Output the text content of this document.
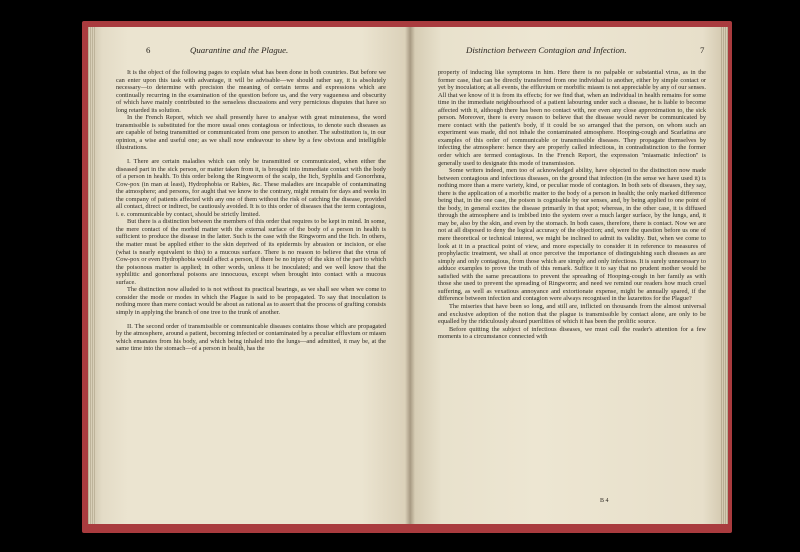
6	Quarantine and the Plague.

It is the object of the following pages to explain what has been done in both countries. But before we can enter upon this task with advantage, it will be advisable—we should rather say, it is absolutely necessary—to determine with precision the meaning of certain terms and expressions which are continually recurring in the examination of the question before us, and the very vagueness and obscurity of which have mainly contributed to the senseless discussions and very pernicious disputes that have so long retarded its solution.

In the French Report, which we shall presently have to analyse with great minuteness, the word transmissible is substituted for the more usual ones contagious or infectious, to denote such diseases as are capable of being transmitted or communicated from one person to another. The substitution is, in our opinion, a wise and useful one; as we shall now endeavour to shew by a few obvious and intelligible illustrations.

I. There are certain maladies which can only be transmitted or communicated, when either the diseased part in the sick person, or matter taken from it, is brought into immediate contact with the body of a person in health. To this order belong the Ringworm of the scalp, the Itch, Syphilis and Gonorrhœa, Cow-pox (in man at least), Hydrophobia or Rabies, &c. These maladies are incapable of contaminating the atmosphere; and persons, for aught that we know to the contrary, might remain for days and weeks in the company of patients affected with any one of them without the risk of catching the disease, provided all contact, direct or indirect, be cautiously avoided. It is to this order of diseases that the term contagious, i. e. communicable by contact, should be strictly limited.

But there is a distinction between the members of this order that requires to be kept in mind. In some, the mere contact of the morbid matter with the external surface of the body of a person in health is sufficient to produce the disease in the latter. Such is the case with the Ringworm and the Itch. In others, the matter must be applied either to the skin deprived of its epidermis by abrasion or incision, or else (what is nearly equivalent to this) to a mucous surface. There is no reason to believe that the virus of Cow-pox or even Hydrophobia would affect a person, if there be no injury of the skin of the part to which the poisonous matter is applied; in other words, unless it be inoculated; and we well know that the syphilitic and gonorrhœal poisons are innocuous, except when brought into contact with a mucous surface.

The distinction now alluded to is not without its practical bearings, as we shall see when we come to consider the mode or modes in which the Plague is said to be propagated. To say that inoculation is nothing more than mere contact would be about as rational as to assert that the process of grafting consists simply in applying the branch of one tree to the trunk of another.

II. The second order of transmissible or communicable diseases contains those which are propagated by the atmosphere, around a patient, becoming infected or contaminated by a peculiar effluvium or miasm which emanates from his body, and which being inhaled into the lungs—and admitted, it may be, at the same time into the stomach—of a person in health, has the

Distinction between Contagion and Infection.	7

property of inducing like symptoms in him. Here there is no palpable or substantial virus, as in the former case, that can be directly transferred from one individual to another, either by simple contact or yet by inoculation; at all events, the effluvium or morbific miasm is not appreciable by any of our senses. All that we know of it is from its effects; for we find that, when an individual in health remains for some time in the immediate neighbourhood of a patient labouring under such a disease, he is liable to become affected with it, although there has been no contact with, nor even any close approximation to, the sick person. Moreover, there is every reason to believe that the disease would never be communicated by mere contact with the patient's body, if it could be so arranged that the person, on whom such an experiment was made, did not inhale the contaminated atmosphere. Hooping-cough and Scarlatina are examples of this order of communicable or transmissible diseases. They propagate themselves by infecting the atmosphere: hence they are properly called infectious, in contradistinction to the former order which are termed contagious. In the French Report, the expression "miasmatic infection" is generally used to designate this mode of transmission.

Some writers indeed, men too of acknowledged ability, have objected to the distinction now made between contagious and infectious diseases, on the ground that infection (in the sense we have used it) is nothing more than a mere variety, kind, or peculiar mode of contagion. In both sets of diseases, they say, there is the application of a morbific matter to the body of a person in health; the only marked difference being that, in the one case, the poison is cognisable by our senses, and, by being applied to one point of the body, in general excites the disease primarily in that spot; whereas, in the other case, it is diffused through the atmosphere and is imbibed into the system over a much larger surface, by the lungs, and, it may be, also by the skin, and even by the stomach. In both cases, therefore, there is contact. Now we are not at all disposed to deny the logical accuracy of the objection; and, were the question before us one of mere theoretical or technical interest, we might be inclined to admit its validity. But, when we come to look at it in a practical point of view, and more especially to consider it in reference to measures of prophylactic treatment, we shall at once perceive the importance of distinguishing such diseases as are simply and only contagious, from those which are simply and only infectious. It is surely unnecessary to adduce examples to prove the truth of this remark. Suffice it to say that no prudent mother would be satisfied with the same precautions to prevent the spreading of Hooping-cough in her family as with those she used to prevent the spreading of Ringworm; and need we remind our readers how much cruel suffering, as well as vexatious annoyance and extortionate expense, might be annually spared, if the difference between infection and contagion were always recognised in the lazarettos for the Plague?

The miseries that have been so long, and still are, inflicted on thousands from the almost universal and exclusive adoption of the notion that the plague is transmissible by contact alone, are only to be equalled by the ridiculously absurd puerilities of which it has been the prolific source.

Before quitting the subject of infectious diseases, we must call the reader's attention for a few moments to a circumstance connected with

B 4
